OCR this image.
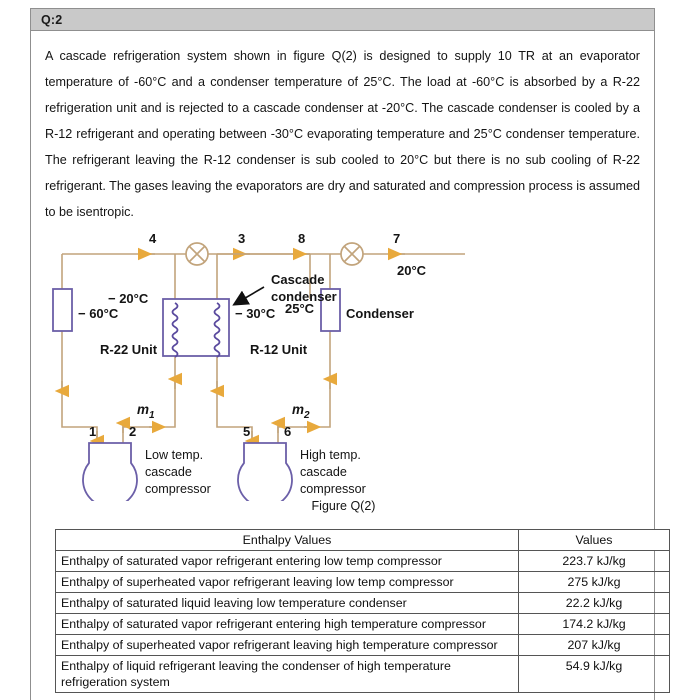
Q:2

A cascade refrigeration system shown in figure Q(2) is designed to supply 10 TR at an evaporator temperature of -60°C and a condenser temperature of 25°C. The load at -60°C is absorbed by a R-22 refrigeration unit and is rejected to a cascade condenser at -20°C. The cascade condenser is cooled by a R-12 refrigerant and operating between -30°C evaporating temperature and 25°C condenser temperature. The refrigerant leaving the R-12 condenser is sub cooled to 20°C but there is no sub cooling of R-22 refrigerant. The gases leaving the evaporators are dry and saturated and compression process is assumed to be isentropic.

4	3	8	7
1	2	5	6
20°C
− 60°C
− 20°C
− 30°C 25°C Condenser
Cascade
condenser
R-22 Unit	R-12 Unit
$m_1$	$m_2$
Low temp.
cascade
compressor
High temp.
cascade
compressor
Figure Q(2)
Enthalpy Values	Values
Enthalpy of saturated vapor refrigerant entering low temp compressor	223.7 kJ/kg
Enthalpy of superheated vapor refrigerant leaving low temp compressor	275 kJ/kg
Enthalpy of saturated liquid leaving low temperature condenser	22.2 kJ/kg
Enthalpy of saturated vapor refrigerant entering high temperature compressor	174.2 kJ/kg
Enthalpy of superheated vapor refrigerant leaving high temperature compressor	207 kJ/kg
Enthalpy of liquid refrigerant leaving the condenser of high temperature refrigeration system	54.9 kJ/kg
